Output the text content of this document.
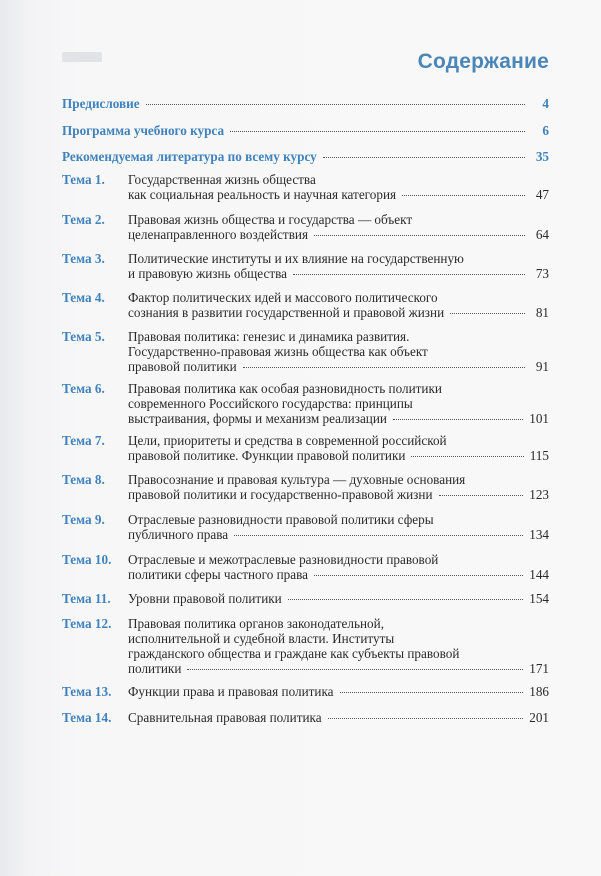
Содержание
Предисловие	4
Программа учебного курса	6
Рекомендуемая литература по всему курсу	35
Тема 1. Государственная жизнь общества
как социальная реальность и научная категория	47
Тема 2. Правовая жизнь общества и государства — объект
целенаправленного воздействия	64
Тема 3. Политические институты и их влияние на государственную
и правовую жизнь общества	73
Тема 4. Фактор политических идей и массового политического
сознания в развитии государственной и правовой жизни	81
Тема 5. Правовая политика: генезис и динамика развития.
Государственно-правовая жизнь общества как объект
правовой политики	91
Тема 6. Правовая политика как особая разновидность политики
современного Российского государства: принципы
выстраивания, формы и механизм реализации	101
Тема 7. Цели, приоритеты и средства в современной российской
правовой политике. Функции правовой политики	115
Тема 8. Правосознание и правовая культура — духовные основания
правовой политики и государственно-правовой жизни	123
Тема 9. Отраслевые разновидности правовой политики сферы
публичного права	134
Тема 10. Отраслевые и межотраслевые разновидности правовой
политики сферы частного права	144
Тема 11. Уровни правовой политики	154
Тема 12. Правовая политика органов законодательной,
исполнительной и судебной власти. Институты
гражданского общества и граждане как субъекты правовой
политики	171
Тема 13. Функции права и правовая политика	186
Тема 14. Сравнительная правовая политика	201
